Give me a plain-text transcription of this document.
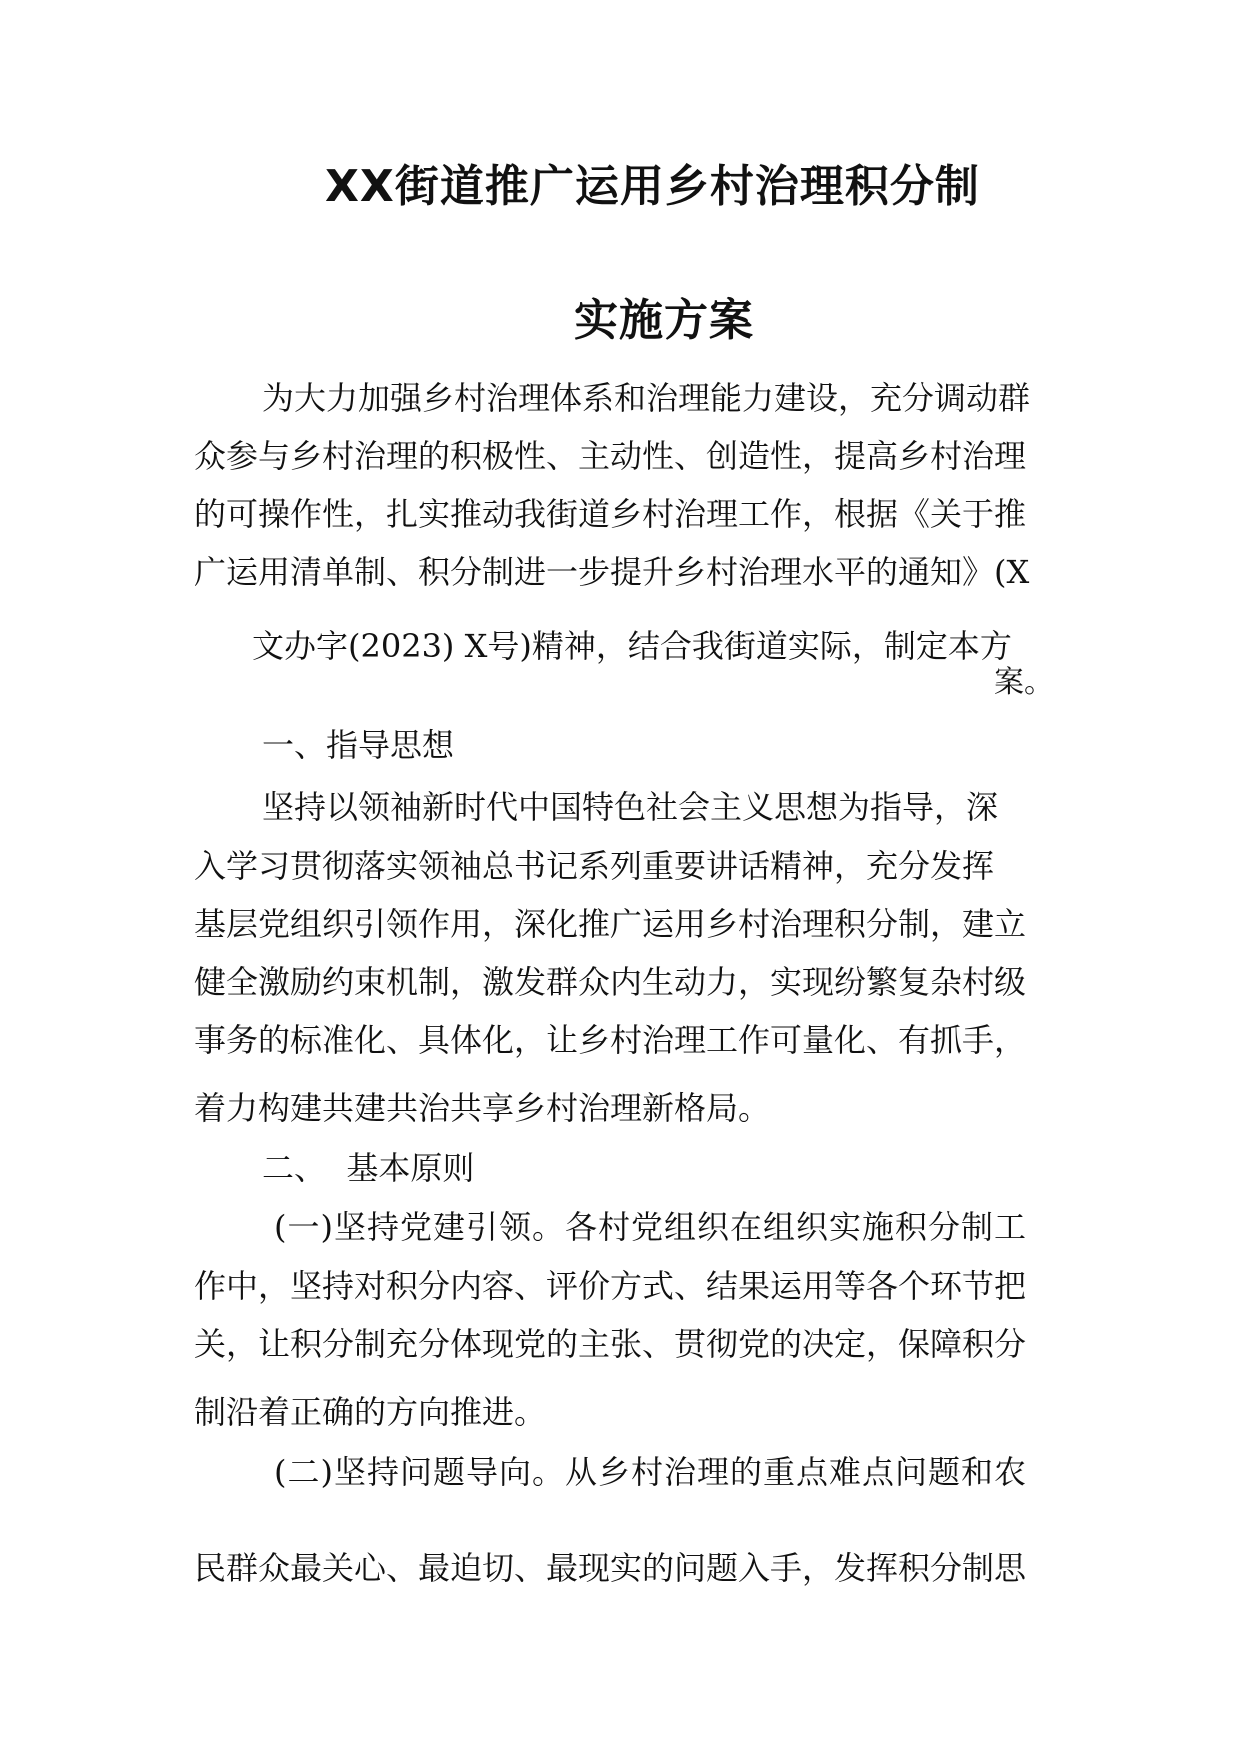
XX街道推广运用乡村治理积分制
实施方案
为大力加强乡村治理体系和治理能力建设，充分调动群
众参与乡村治理的积极性、主动性、创造性，提高乡村治理
的可操作性，扎实推动我街道乡村治理工作，根据《关于推
广运用清单制、积分制进一步提升乡村治理水平的通知》(X
文办字(2023) X号)精神，结合我街道实际，制定本方
案。
一、指导思想
坚持以领袖新时代中国特色社会主义思想为指导，深
入学习贯彻落实领袖总书记系列重要讲话精神，充分发挥
基层党组织引领作用，深化推广运用乡村治理积分制，建立
健全激励约束机制，激发群众内生动力，实现纷繁复杂村级
事务的标准化、具体化，让乡村治理工作可量化、有抓手，
着力构建共建共治共享乡村治理新格局。
二、  基本原则
(一)坚持党建引领。各村党组织在组织实施积分制工
作中，坚持对积分内容、评价方式、结果运用等各个环节把
关，让积分制充分体现党的主张、贯彻党的决定，保障积分
制沿着正确的方向推进。
(二)坚持问题导向。从乡村治理的重点难点问题和农
民群众最关心、最迫切、最现实的问题入手，发挥积分制思
